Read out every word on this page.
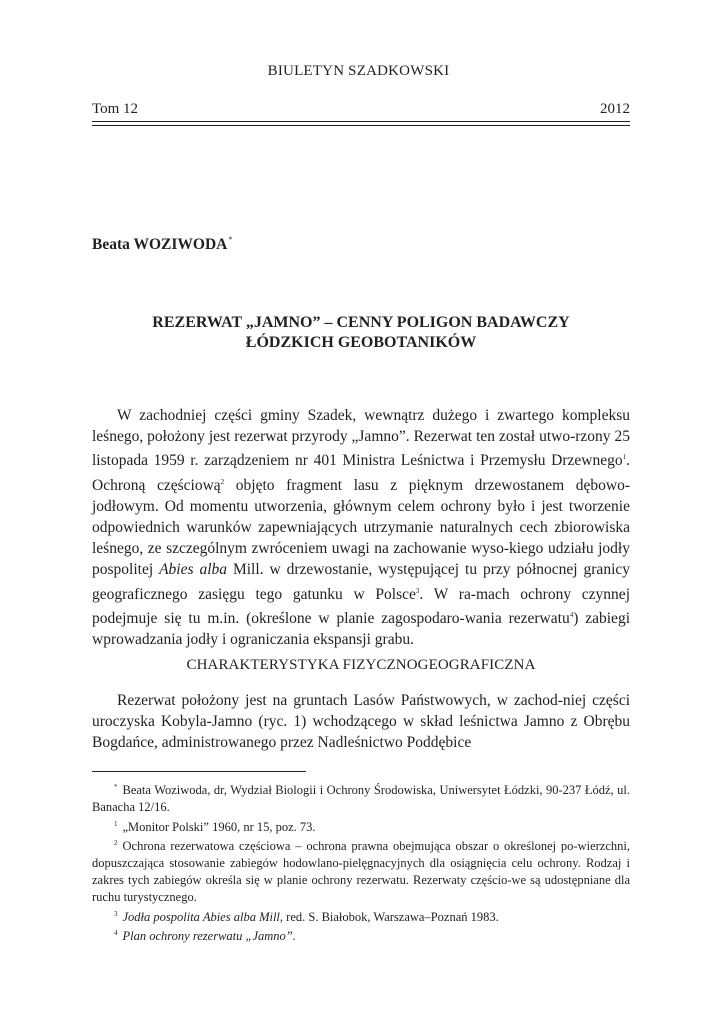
BIULETYN SZADKOWSKI
Tom 12	2012
Beata WOZIWODA*
REZERWAT „JAMNO” – CENNY POLIGON BADAWCZY
ŁÓDZKICH GEOBOTANIKÓW

W zachodniej części gminy Szadek, wewnątrz dużego i zwartego kompleksu leśnego, położony jest rezerwat przyrody „Jamno”. Rezerwat ten został utwo-rzony 25 listopada 1959 r. zarządzeniem nr 401 Ministra Leśnictwa i Przemysłu Drzewnego$^1$. Ochroną częściową$^2$ objęto fragment lasu z pięknym drzewostanem dębowo-jodłowym. Od momentu utworzenia, głównym celem ochrony było i jest tworzenie odpowiednich warunków zapewniających utrzymanie naturalnych cech zbiorowiska leśnego, ze szczególnym zwróceniem uwagi na zachowanie wyso-kiego udziału jodły pospolitej Abies alba Mill. w drzewostanie, występującej tu przy północnej granicy geograficznego zasięgu tego gatunku w Polsce$^3$. W ra-mach ochrony czynnej podejmuje się tu m.in. (określone w planie zagospodaro-wania rezerwatu$^4$) zabiegi wprowadzania jodły i ograniczania ekspansji grabu.

CHARAKTERYSTYKA FIZYCZNOGEOGRAFICZNA

Rezerwat położony jest na gruntach Lasów Państwowych, w zachod-niej części uroczyska Kobyla-Jamno (ryc. 1) wchodzącego w skład leśnictwa Jamno z Obrębu Bogdańce, administrowanego przez Nadleśnictwo Poddębice

* Beata Woziwoda, dr, Wydział Biologii i Ochrony Środowiska, Uniwersytet Łódzki, 90-237 Łódź, ul. Banacha 12/16.

$^1$ „Monitor Polski” 1960, nr 15, poz. 73.

$^2$ Ochrona rezerwatowa częściowa – ochrona prawna obejmująca obszar o określonej po-wierzchni, dopuszczająca stosowanie zabiegów hodowlano-pielęgnacyjnych dla osiągnięcia celu ochrony. Rodzaj i zakres tych zabiegów określa się w planie ochrony rezerwatu. Rezerwaty częścio-we są udostępniane dla ruchu turystycznego.

$^3$ Jodła pospolita Abies alba Mill, red. S. Białobok, Warszawa–Poznań 1983.

$^4$ Plan ochrony rezerwatu „Jamno”.
